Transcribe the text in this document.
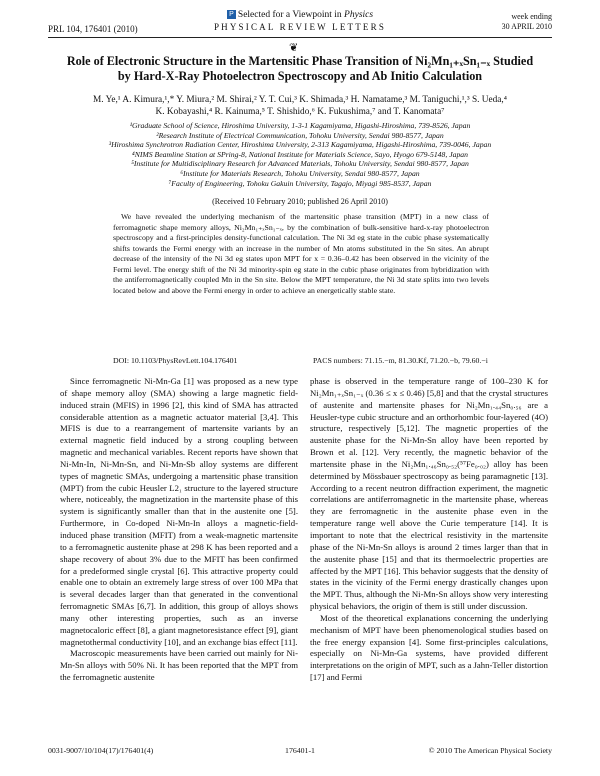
PRL 104, 176401 (2010)
P Selected for a Viewpoint in Physics
PHYSICAL REVIEW LETTERS
week ending
30 APRIL 2010
❦
Role of Electronic Structure in the Martensitic Phase Transition of Ni₂Mn₁₊ₓSn₁₋ₓ Studied
by Hard-X-Ray Photoelectron Spectroscopy and Ab Initio Calculation
M. Ye,¹ A. Kimura,¹,* Y. Miura,² M. Shirai,² Y. T. Cui,³ K. Shimada,³ H. Namatame,³ M. Taniguchi,¹,³ S. Ueda,⁴
K. Kobayashi,⁴ R. Kainuma,⁵ T. Shishido,⁶ K. Fukushima,⁷ and T. Kanomata⁷
¹Graduate School of Science, Hiroshima University, 1-3-1 Kagamiyama, Higashi-Hiroshima, 739-8526, Japan
²Research Institute of Electrical Communication, Tohoku University, Sendai 980-8577, Japan
³Hiroshima Synchrotron Radiation Center, Hiroshima University, 2-313 Kagamiyama, Higashi-Hiroshima, 739-0046, Japan
⁴NIMS Beamline Station at SPring-8, National Institute for Materials Science, Sayo, Hyogo 679-5148, Japan
⁵Institute for Multidisciplinary Research for Advanced Materials, Tohoku University, Sendai 980-8577, Japan
⁶Institute for Materials Research, Tohoku University, Sendai 980-8577, Japan
⁷Faculty of Engineering, Tohoku Gakuin University, Tagajo, Miyagi 985-8537, Japan
(Received 10 February 2010; published 26 April 2010)
We have revealed the underlying mechanism of the martensitic phase transition (MPT) in a new class of ferromagnetic shape memory alloys, Ni₂Mn₁₊ₓSn₁₋ₓ, by the combination of bulk-sensitive hard-x-ray photoelectron spectroscopy and a first-principles density-functional calculation. The Ni 3d eg state in the cubic phase systematically shifts towards the Fermi energy with an increase in the number of Mn atoms substituted in the Sn sites. An abrupt decrease of the intensity of the Ni 3d eg states upon MPT for x = 0.36–0.42 has been observed in the vicinity of the Fermi level. The energy shift of the Ni 3d minority-spin eg state in the cubic phase originates from hybridization with the antiferromagnetically coupled Mn in the Sn site. Below the MPT temperature, the Ni 3d state splits into two levels located below and above the Fermi energy in order to achieve an energetically stable state.
DOI: 10.1103/PhysRevLett.104.176401	PACS numbers: 71.15.−m, 81.30.Kf, 71.20.−b, 79.60.−i

Since ferromagnetic Ni-Mn-Ga [1] was proposed as a new type of shape memory alloy (SMA) showing a large magnetic field-induced strain (MFIS) in 1996 [2], this kind of SMA has attracted considerable attention as a magnetic actuator material [3,4]. This MFIS is due to a rearrangement of martensite variants by an external magnetic field induced by a strong coupling between magnetic and mechanical variables. Recent reports have shown that Ni-Mn-In, Ni-Mn-Sn, and Ni-Mn-Sb alloy systems are different types of magnetic SMAs, undergoing a martensitic phase transition (MPT) from the cubic Heusler L2₁ structure to the layered structure where, noticeably, the magnetization in the martensite phase of this system is significantly smaller than that in the austenite one [5]. Furthermore, in Co-doped Ni-Mn-In alloys a magnetic-field-induced phase transition (MFIT) from a weak-magnetic martensite to a ferromagnetic austenite phase at 298 K has been reported and a shape recovery of about 3% due to the MFIT has been confirmed for a predeformed single crystal [6]. This attractive property could enable one to obtain an extremely large stress of over 100 MPa that is several decades larger than that generated in the conventional ferromagnetic SMAs [6,7]. In addition, this group of alloys shows many other interesting properties, such as an inverse magnetocaloric effect [8], a giant magnetoresistance effect [9], giant magnetothermal conductivity [10], and an exchange bias effect [11].

Macroscopic measurements have been carried out mainly for Ni-Mn-Sn alloys with 50% Ni. It has been reported that the MPT from the ferromagnetic austenite

phase is observed in the temperature range of 100–230 K for Ni₂Mn₁₊ₓSn₁₋ₓ (0.36 ≤ x ≤ 0.46) [5,8] and that the crystal structures of austenite and martensite phases for Ni₂Mn₁.₄₄Sn₀.₅₆ are a Heusler-type cubic structure and an orthorhombic four-layered (4O) structure, respectively [5,12]. The magnetic properties of the austenite phase for the Ni-Mn-Sn alloy have been reported by Brown et al. [12]. Very recently, the magnetic behavior of the martensite phase in the Ni₂Mn₁.₄₆Sn₀.₅₂(⁵⁷Fe₀.₀₂) alloy has been determined by Mössbauer spectroscopy as being paramagnetic [13]. According to a recent neutron diffraction experiment, the magnetic correlations are antiferromagnetic in the martensite phase, whereas they are ferromagnetic in the austenite phase even in the temperature range well above the Curie temperature [14]. It is important to note that the electrical resistivity in the martensite phase of the Ni-Mn-Sn alloys is around 2 times larger than that in the austenite phase [15] and that its thermoelectric properties are affected by the MPT [16]. This behavior suggests that the density of states in the vicinity of the Fermi energy drastically changes upon the MPT. Thus, although the Ni-Mn-Sn alloys show very interesting physical behaviors, the origin of them is still under discussion.

Most of the theoretical explanations concerning the underlying mechanism of MPT have been phenomenological studies based on the free energy expansion [4]. Some first-principles calculations, especially on Ni-Mn-Ga systems, have provided different interpretations on the origin of MPT, such as a Jahn-Teller distortion [17] and Fermi

0031-9007/10/104(17)/176401(4)	176401-1	© 2010 The American Physical Society
